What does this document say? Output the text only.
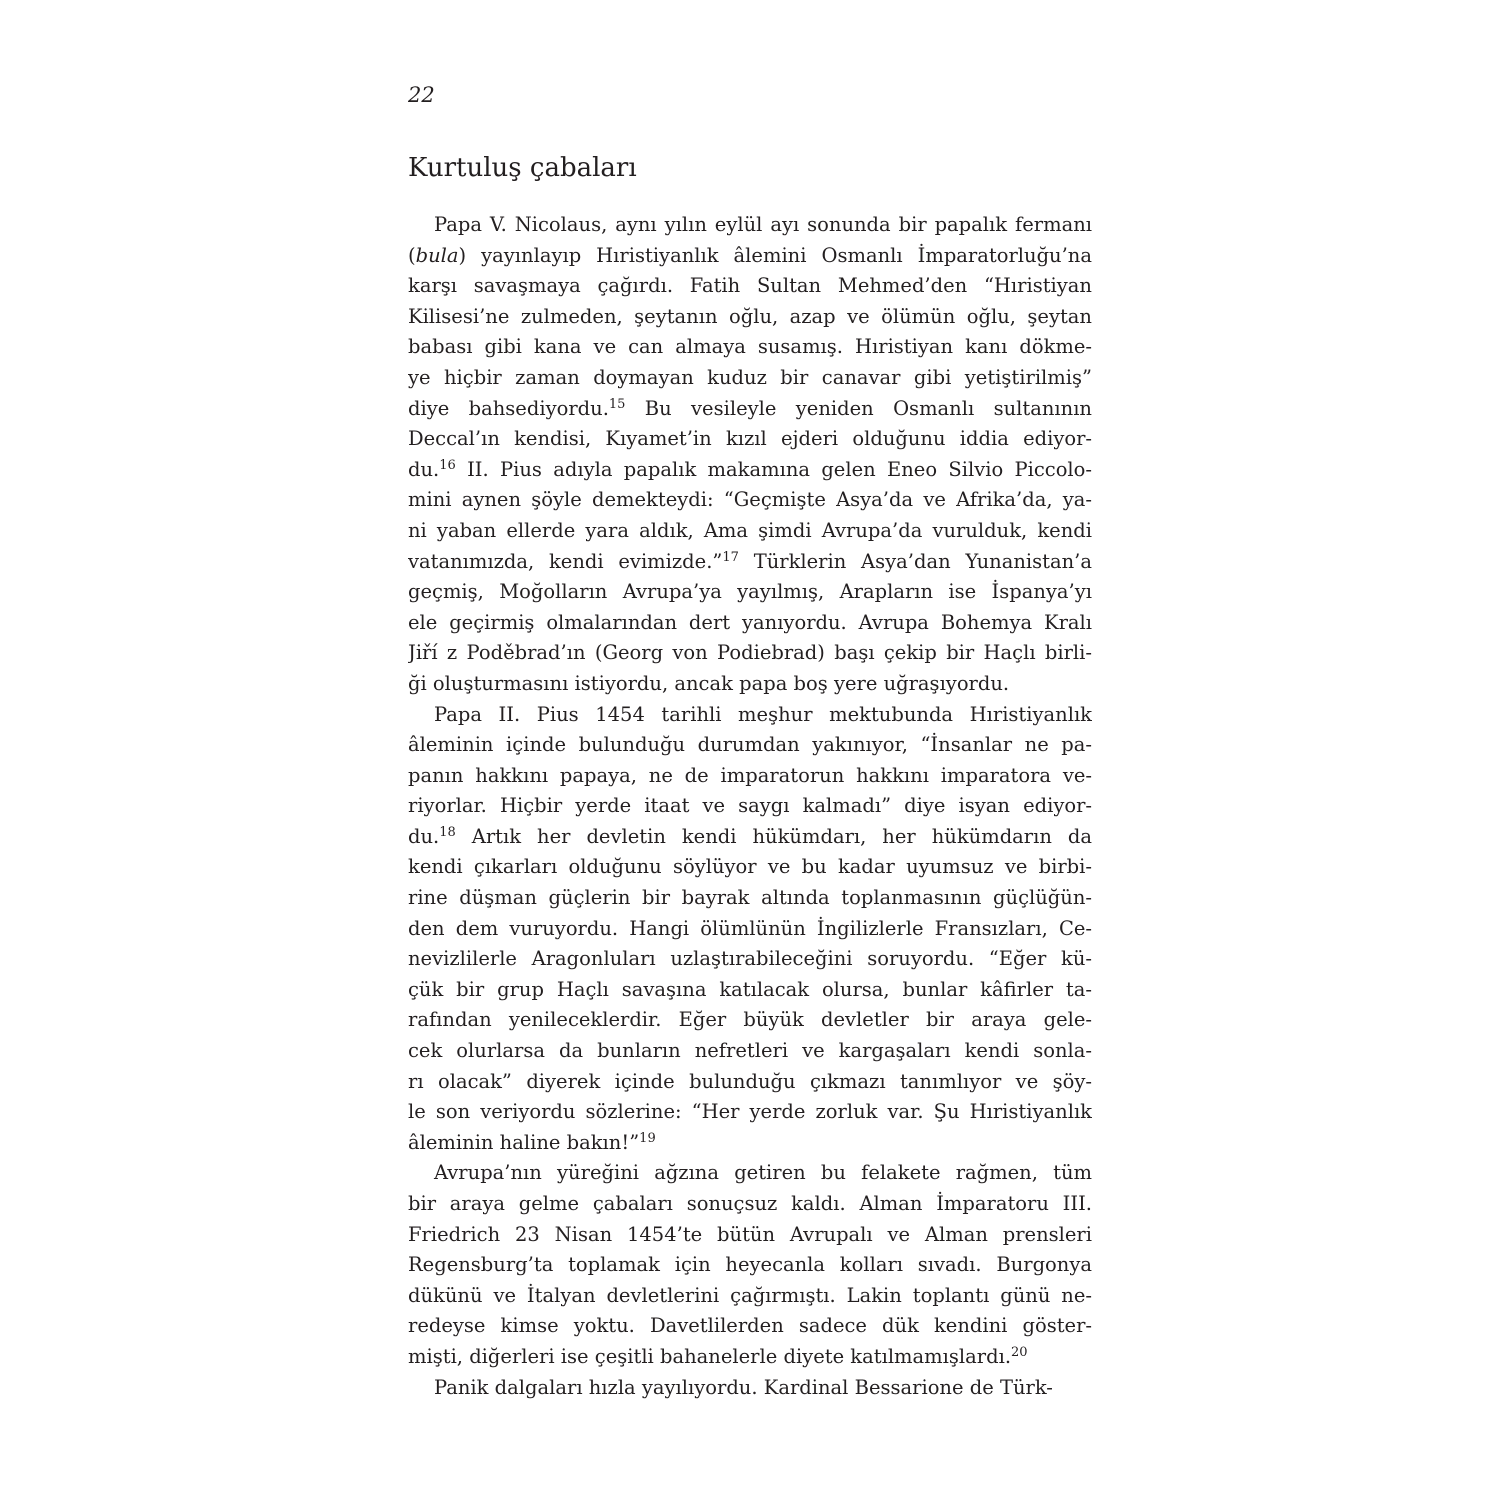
22
Kurtuluş çabaları
Papa V. Nicolaus, aynı yılın eylül ayı sonunda bir papalık fermanı
(bula) yayınlayıp Hıristiyanlık âlemini Osmanlı İmparatorluğu’na
karşı savaşmaya çağırdı. Fatih Sultan Mehmed’den “Hıristiyan
Kilisesi’ne zulmeden, şeytanın oğlu, azap ve ölümün oğlu, şeytan
babası gibi kana ve can almaya susamış. Hıristiyan kanı dökme-
ye hiçbir zaman doymayan kuduz bir canavar gibi yetiştirilmiş”
diye bahsediyordu.$^{15}$ Bu vesileyle yeniden Osmanlı sultanının
Deccal’ın kendisi, Kıyamet’in kızıl ejderi olduğunu iddia ediyor-
du.$^{16}$ II. Pius adıyla papalık makamına gelen Eneo Silvio Piccolo-
mini aynen şöyle demekteydi: “Geçmişte Asya’da ve Afrika’da, ya-
ni yaban ellerde yara aldık, Ama şimdi Avrupa’da vurulduk, kendi
vatanımızda, kendi evimizde.”$^{17}$ Türklerin Asya’dan Yunanistan’a
geçmiş, Moğolların Avrupa’ya yayılmış, Arapların ise İspanya’yı
ele geçirmiş olmalarından dert yanıyordu. Avrupa Bohemya Kralı
Jiří z Poděbrad’ın (Georg von Podiebrad) başı çekip bir Haçlı birli-
ği oluşturmasını istiyordu, ancak papa boş yere uğraşıyordu.
Papa II. Pius 1454 tarihli meşhur mektubunda Hıristiyanlık
âleminin içinde bulunduğu durumdan yakınıyor, “İnsanlar ne pa-
panın hakkını papaya, ne de imparatorun hakkını imparatora ve-
riyorlar. Hiçbir yerde itaat ve saygı kalmadı” diye isyan ediyor-
du.$^{18}$ Artık her devletin kendi hükümdarı, her hükümdarın da
kendi çıkarları olduğunu söylüyor ve bu kadar uyumsuz ve birbi-
rine düşman güçlerin bir bayrak altında toplanmasının güçlüğün-
den dem vuruyordu. Hangi ölümlünün İngilizlerle Fransızları, Ce-
nevizlilerle Aragonluları uzlaştırabileceğini soruyordu. “Eğer kü-
çük bir grup Haçlı savaşına katılacak olursa, bunlar kâfirler ta-
rafından yenileceklerdir. Eğer büyük devletler bir araya gele-
cek olurlarsa da bunların nefretleri ve kargaşaları kendi sonla-
rı olacak” diyerek içinde bulunduğu çıkmazı tanımlıyor ve şöy-
le son veriyordu sözlerine: “Her yerde zorluk var. Şu Hıristiyanlık
âleminin haline bakın!”$^{19}$
Avrupa’nın yüreğini ağzına getiren bu felakete rağmen, tüm
bir araya gelme çabaları sonuçsuz kaldı. Alman İmparatoru III.
Friedrich 23 Nisan 1454’te bütün Avrupalı ve Alman prensleri
Regensburg’ta toplamak için heyecanla kolları sıvadı. Burgonya
dükünü ve İtalyan devletlerini çağırmıştı. Lakin toplantı günü ne-
redeyse kimse yoktu. Davetlilerden sadece dük kendini göster-
mişti, diğerleri ise çeşitli bahanelerle diyete katılmamışlardı.$^{20}$
Panik dalgaları hızla yayılıyordu. Kardinal Bessarione de Türk-
